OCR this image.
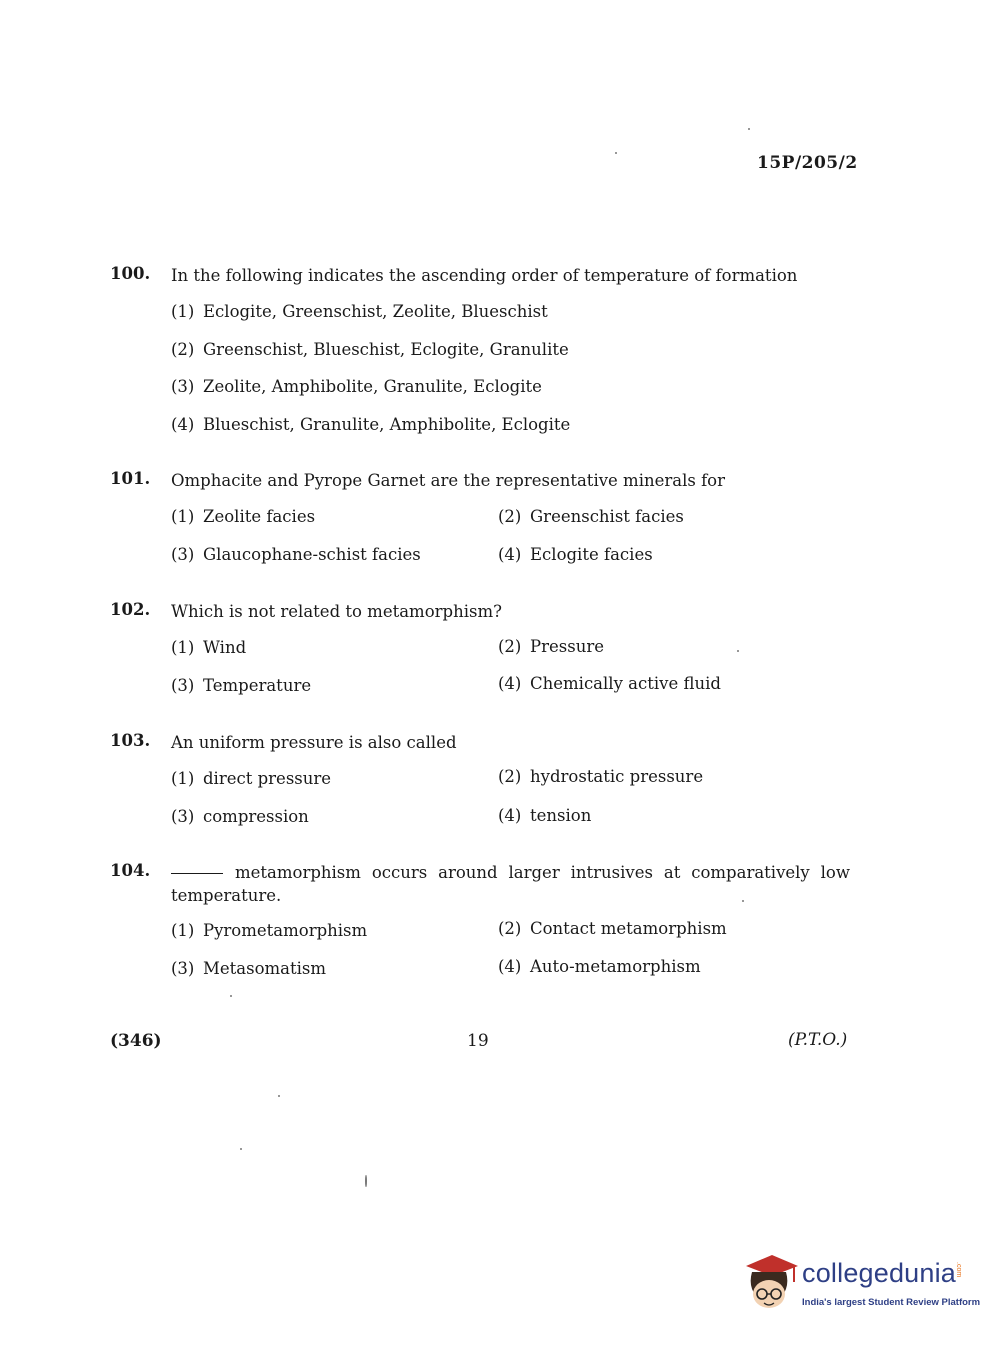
15P/205/2
100. In the following indicates the ascending order of temperature of formation
(1) Eclogite, Greenschist, Zeolite, Blueschist
(2) Greenschist, Blueschist, Eclogite, Granulite
(3) Zeolite, Amphibolite, Granulite, Eclogite
(4) Blueschist, Granulite, Amphibolite, Eclogite
101. Omphacite and Pyrope Garnet are the representative minerals for
(1) Zeolite facies	(2) Greenschist facies
(3) Glaucophane-schist facies	(4) Eclogite facies
102. Which is not related to metamorphism?
(1) Wind	(2) Pressure
(3) Temperature	(4) Chemically active fluid
103. An uniform pressure is also called
(1) direct pressure	(2) hydrostatic pressure
(3) compression	(4) tension
104.	metamorphism occurs around larger intrusives at comparatively low temperature.
(1) Pyrometamorphism	(2) Contact metamorphism
(3) Metasomatism	(4) Auto-metamorphism
(346)	19	(P.T.O.)
collegedunia
.com
India's largest Student Review Platform
